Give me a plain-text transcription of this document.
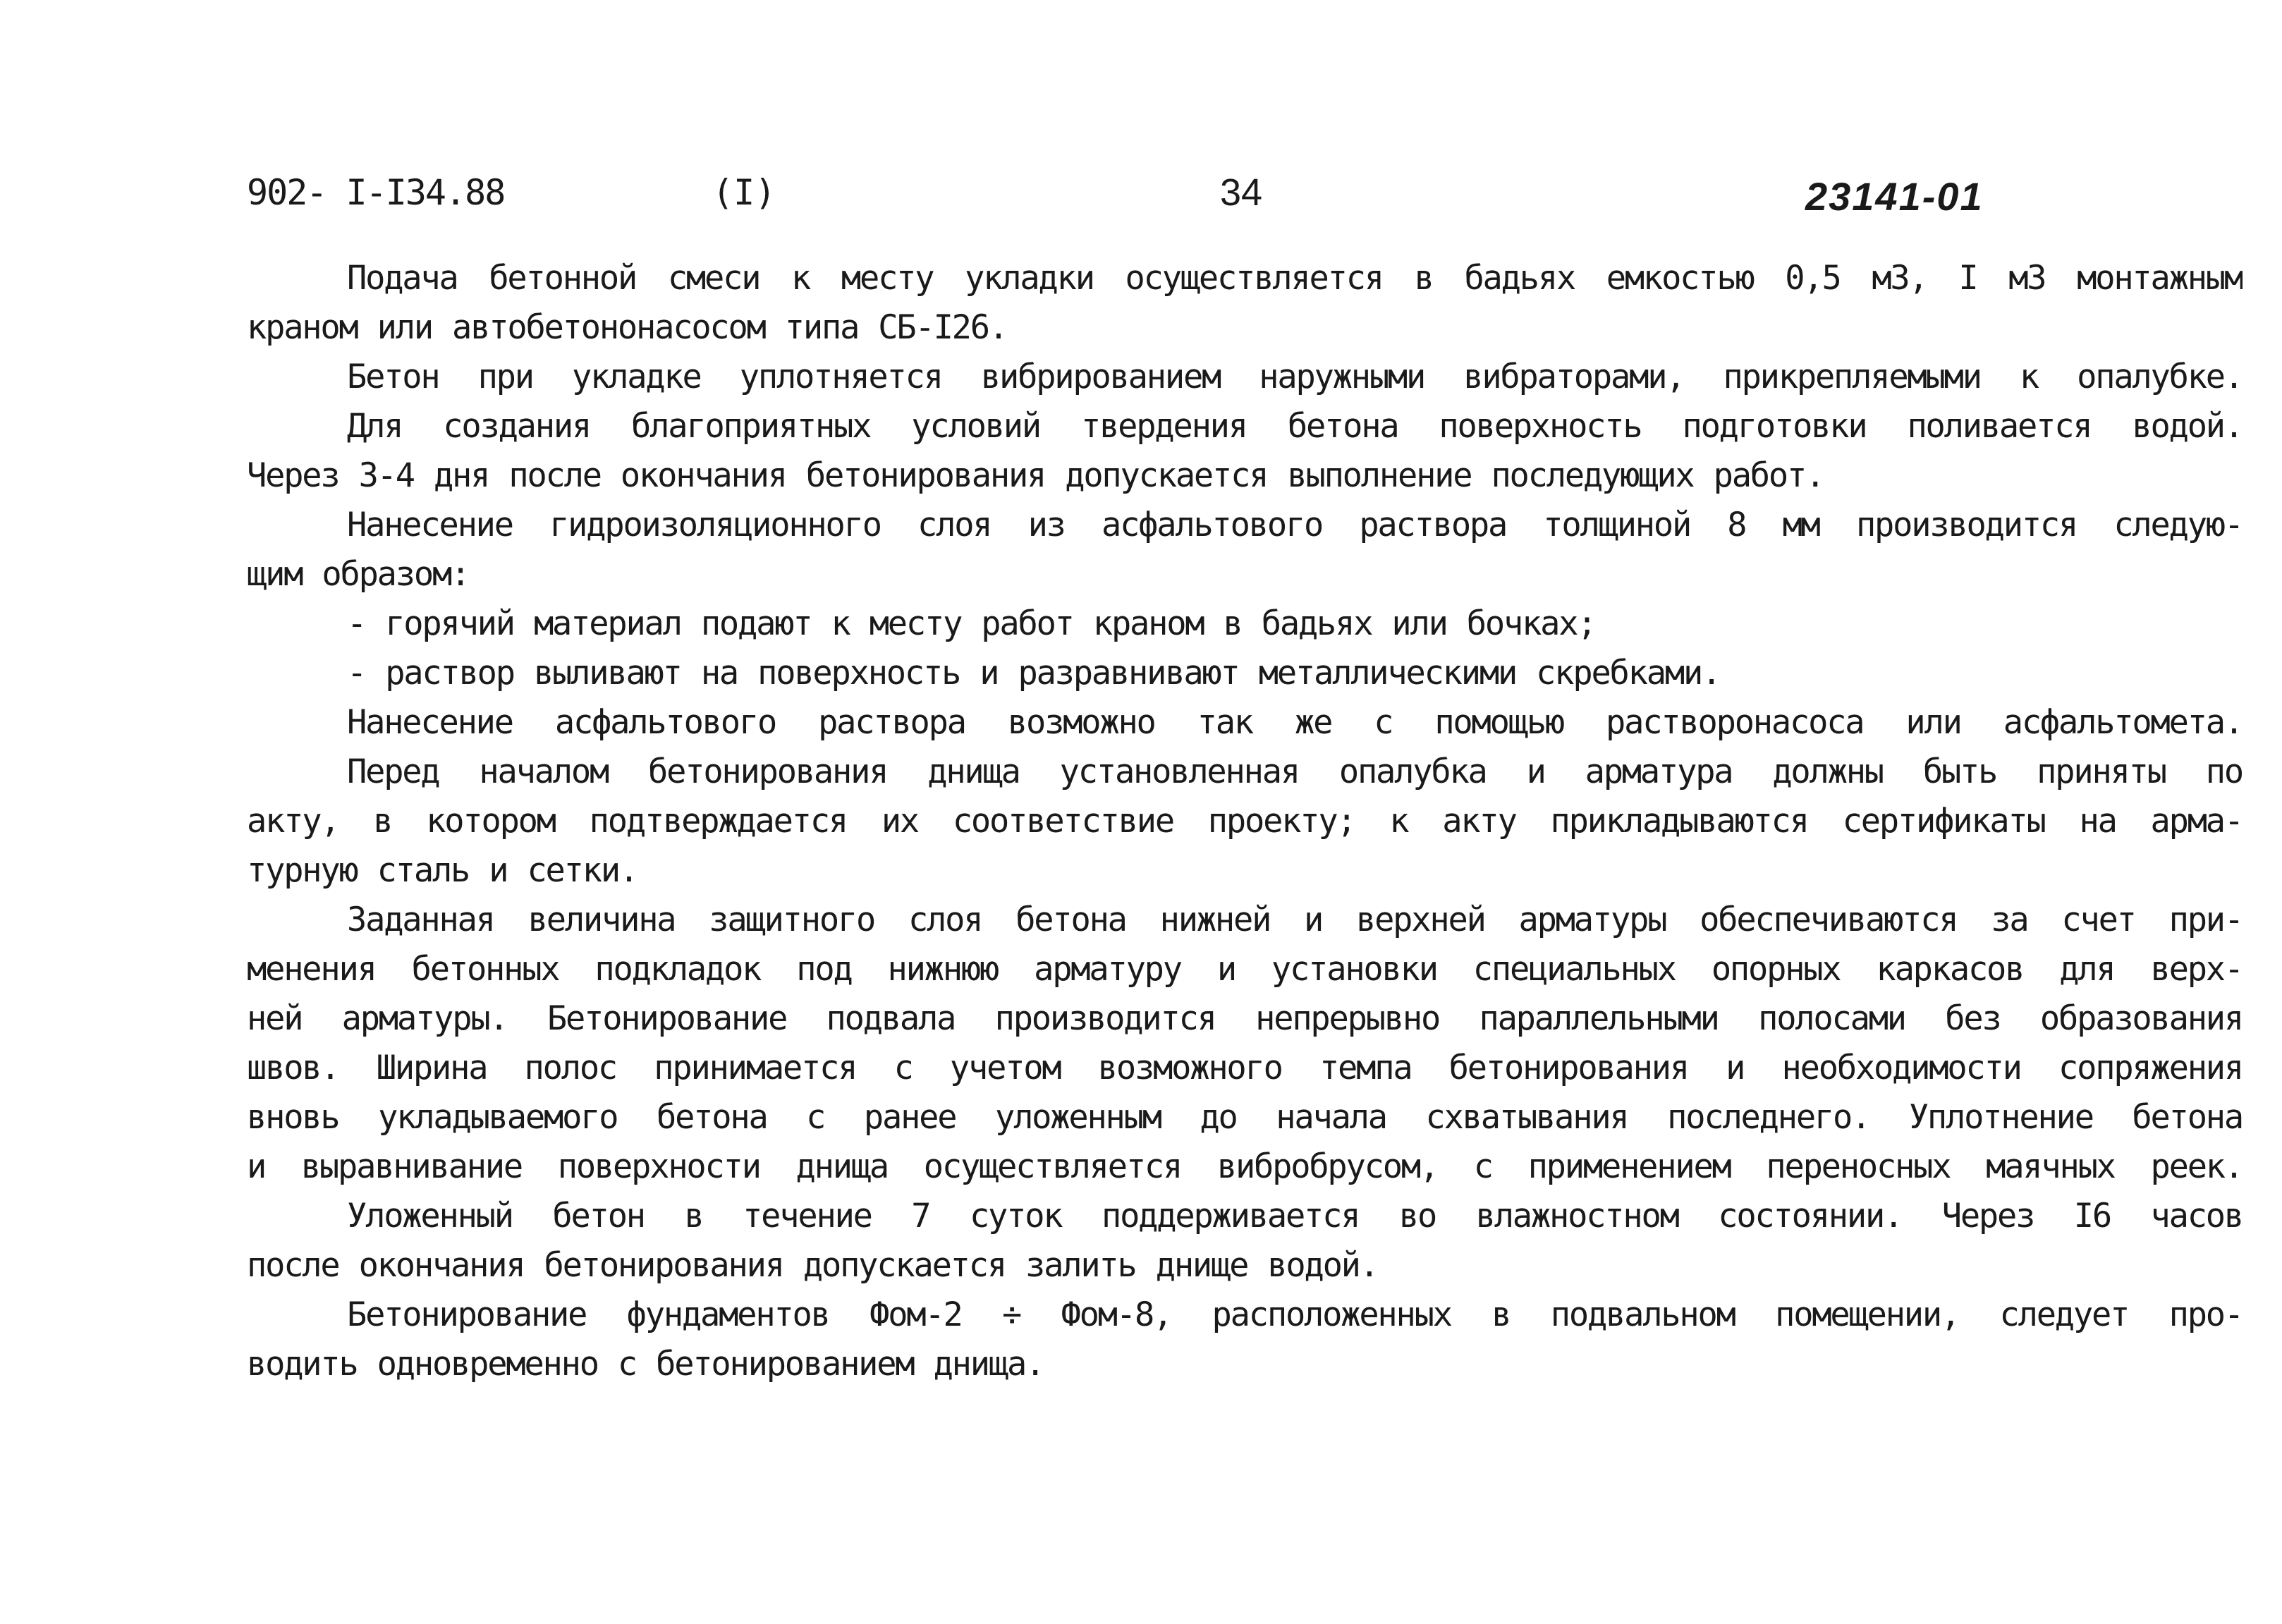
902- I-I34.88	(I)	34	23141-01
Подача бетонной смеси к месту укладки осуществляется в бадьях емкостью 0,5 м3, I м3 монтажным
краном или автобетононасосом типа СБ-I26.
Бетон при укладке уплотняется вибрированием наружными вибраторами, прикрепляемыми к опалубке.
Для создания благоприятных условий твердения бетона поверхность подготовки поливается водой.
Через 3-4 дня после окончания бетонирования допускается выполнение последующих работ.
Нанесение гидроизоляционного слоя из асфальтового раствора толщиной 8 мм производится следую-
щим образом:
- горячий материал подают к месту работ краном в бадьях или бочках;
- раствор выливают на поверхность и разравнивают металлическими скребками.
Нанесение асфальтового раствора возможно так же с помощью растворонасоса или асфальтомета.
Перед началом бетонирования днища установленная опалубка и арматура должны быть приняты по
акту, в котором подтверждается их соответствие проекту; к акту прикладываются сертификаты на арма-
турную сталь и сетки.
Заданная величина защитного слоя бетона нижней и верхней арматуры обеспечиваются за счет при-
менения бетонных подкладок под нижнюю арматуру и установки специальных опорных каркасов для верх-
ней арматуры. Бетонирование подвала производится непрерывно параллельными полосами без образования
швов. Ширина полос принимается с учетом возможного темпа бетонирования и необходимости сопряжения
вновь укладываемого бетона с ранее уложенным до начала схватывания последнего. Уплотнение бетона
и выравнивание поверхности днища осуществляется вибробрусом, с применением переносных маячных реек.
Уложенный бетон в течение 7 суток поддерживается во влажностном состоянии. Через I6 часов
после окончания бетонирования допускается залить днище водой.
Бетонирование фундаментов Фом-2 ÷ Фом-8, расположенных в подвальном помещении, следует про-
водить одновременно с бетонированием днища.
